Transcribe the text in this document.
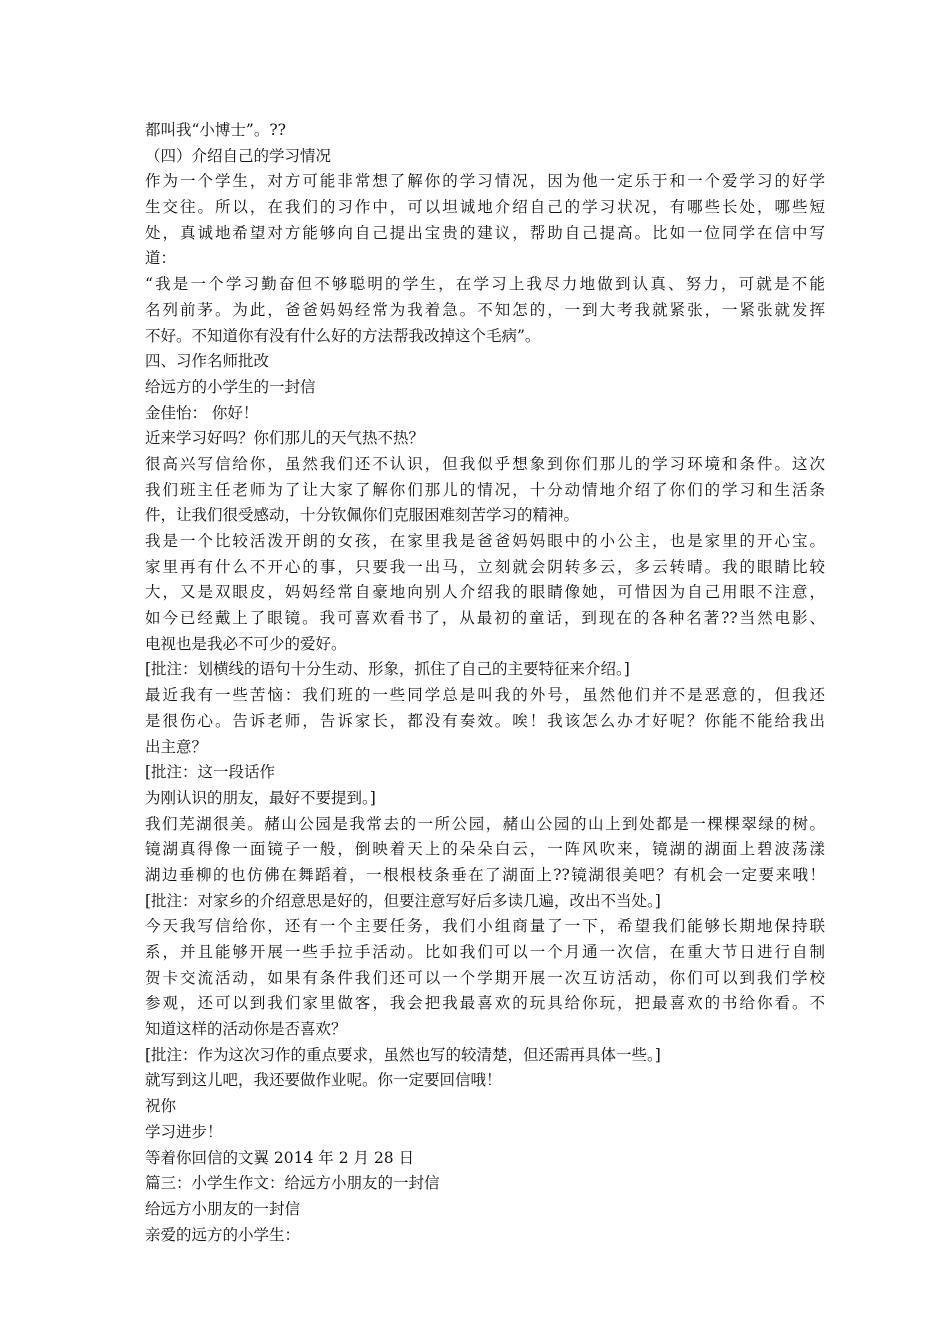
都叫我“小博士”。??
（四）介绍自己的学习情况
作为一个学生，对方可能非常想了解你的学习情况，因为他一定乐于和一个爱学习的好学
生交往。所以，在我们的习作中，可以坦诚地介绍自己的学习状况，有哪些长处，哪些短
处，真诚地希望对方能够向自己提出宝贵的建议，帮助自己提高。比如一位同学在信中写
道：
“我是一个学习勤奋但不够聪明的学生，在学习上我尽力地做到认真、努力，可就是不能
名列前茅。为此，爸爸妈妈经常为我着急。不知怎的，一到大考我就紧张，一紧张就发挥
不好。不知道你有没有什么好的方法帮我改掉这个毛病”。
四、习作名师批改
给远方的小学生的一封信
金佳怡： 你好！
近来学习好吗？你们那儿的天气热不热？
很高兴写信给你，虽然我们还不认识，但我似乎想象到你们那儿的学习环境和条件。这次
我们班主任老师为了让大家了解你们那儿的情况，十分动情地介绍了你们的学习和生活条
件，让我们很受感动，十分钦佩你们克服困难刻苦学习的精神。
我是一个比较活泼开朗的女孩，在家里我是爸爸妈妈眼中的小公主，也是家里的开心宝。
家里再有什么不开心的事，只要我一出马，立刻就会阴转多云，多云转晴。我的眼睛比较
大，又是双眼皮，妈妈经常自豪地向别人介绍我的眼睛像她，可惜因为自己用眼不注意，
如今已经戴上了眼镜。我可喜欢看书了，从最初的童话，到现在的各种名著??当然电影、
电视也是我必不可少的爱好。
[批注：划横线的语句十分生动、形象，抓住了自己的主要特征来介绍。]
最近我有一些苦恼：我们班的一些同学总是叫我的外号，虽然他们并不是恶意的，但我还
是很伤心。告诉老师，告诉家长，都没有奏效。唉！我该怎么办才好呢？你能不能给我出
出主意？
[批注：这一段话作
为刚认识的朋友，最好不要提到。]
我们芜湖很美。赭山公园是我常去的一所公园，赭山公园的山上到处都是一棵棵翠绿的树。
镜湖真得像一面镜子一般，倒映着天上的朵朵白云，一阵风吹来，镜湖的湖面上碧波荡漾
湖边垂柳的也仿佛在舞蹈着，一根根枝条垂在了湖面上??镜湖很美吧？有机会一定要来哦！
[批注：对家乡的介绍意思是好的，但要注意写好后多读几遍，改出不当处。]
今天我写信给你，还有一个主要任务，我们小组商量了一下，希望我们能够长期地保持联
系，并且能够开展一些手拉手活动。比如我们可以一个月通一次信，在重大节日进行自制
贺卡交流活动，如果有条件我们还可以一个学期开展一次互访活动，你们可以到我们学校
参观，还可以到我们家里做客，我会把我最喜欢的玩具给你玩，把最喜欢的书给你看。不
知道这样的活动你是否喜欢？
[批注：作为这次习作的重点要求，虽然也写的较清楚，但还需再具体一些。]
就写到这儿吧，我还要做作业呢。你一定要回信哦！
祝你
学习进步！
等着你回信的文翼 2014 年 2 月 28 日
篇三：小学生作文：给远方小朋友的一封信
给远方小朋友的一封信
亲爱的远方的小学生：
